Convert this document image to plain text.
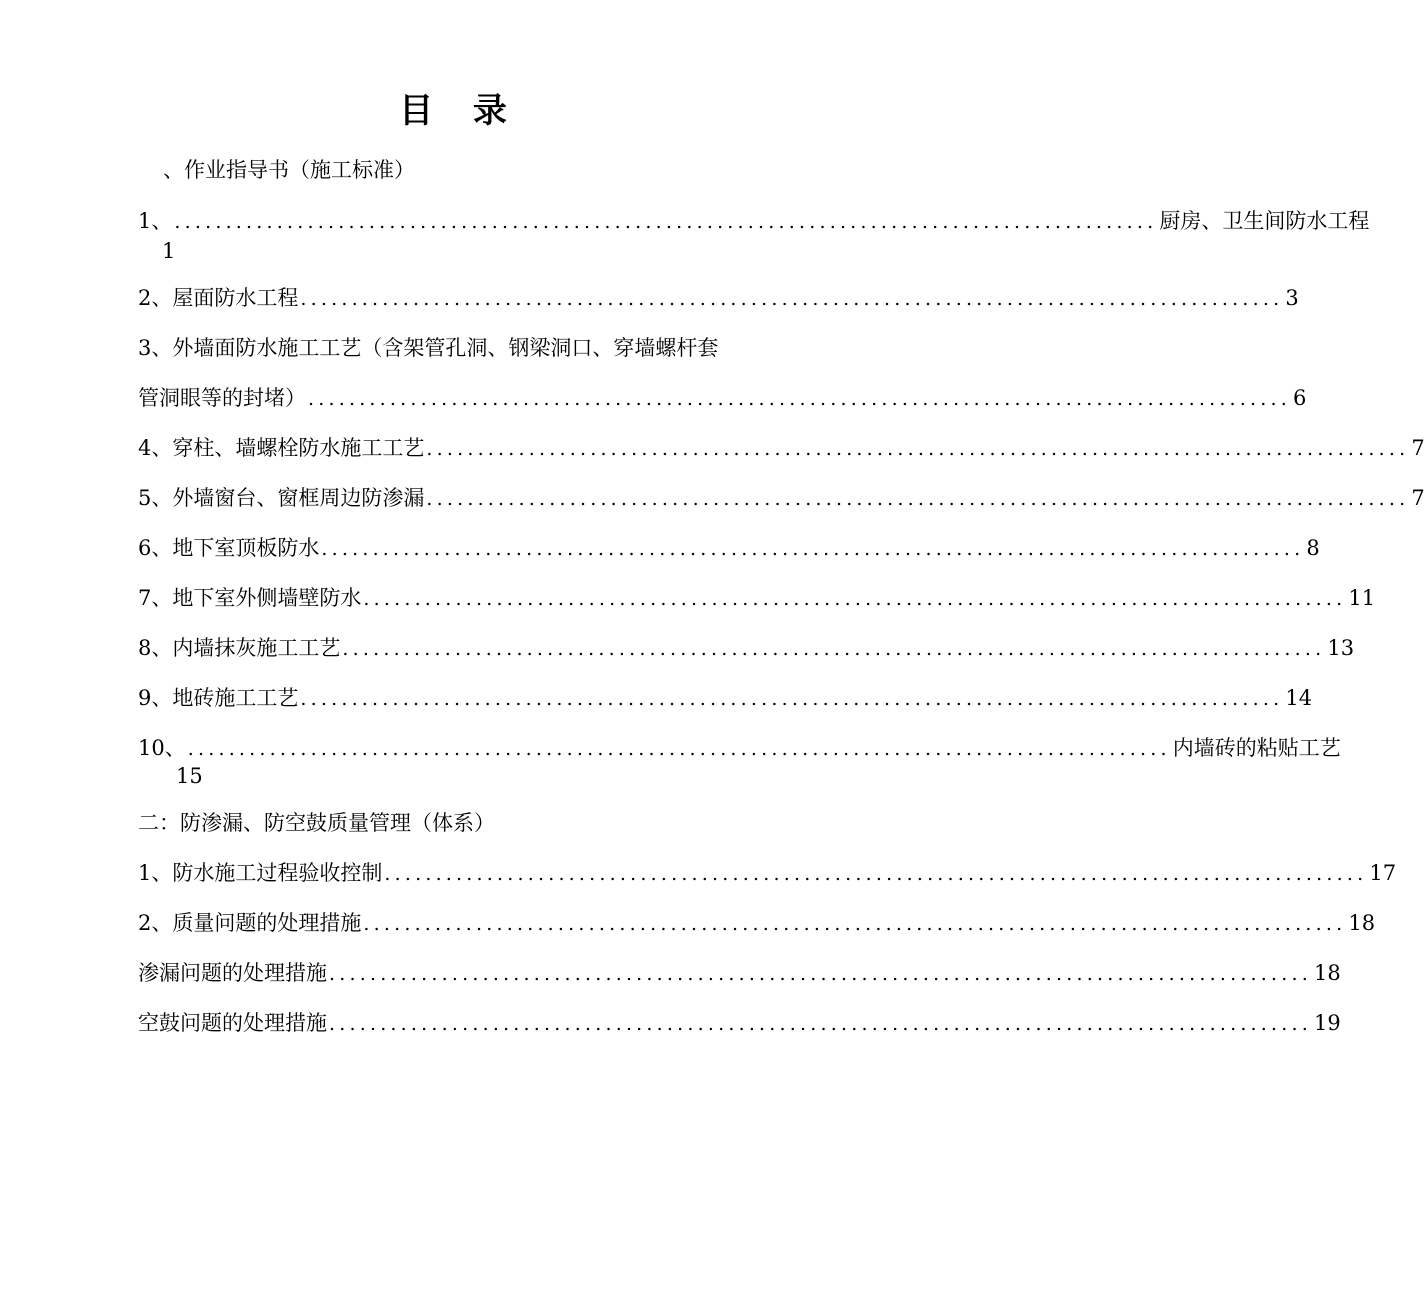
目 录
、作业指导书（施工标准）
1、 ................................................................................................ 厨房、卫生间防水工程
1
2、屋面防水工程 ................................................................................................ 3
3、外墙面防水施工工艺（含架管孔洞、钢梁洞口、穿墙螺杆套
管洞眼等的封堵） ................................................................................................ 6
4、穿柱、墙螺栓防水施工工艺 ................................................................................................ 7
5、外墙窗台、窗框周边防渗漏 ................................................................................................ 7
6、地下室顶板防水 ................................................................................................ 8
7、地下室外侧墙壁防水 ................................................................................................ 11
8、内墙抹灰施工工艺 ................................................................................................ 13
9、地砖施工工艺 ................................................................................................ 14
10、 ................................................................................................ 内墙砖的粘贴工艺
15
二：防渗漏、防空鼓质量管理（体系）
1、防水施工过程验收控制 ................................................................................................ 17
2、质量问题的处理措施 ................................................................................................ 18
渗漏问题的处理措施 ................................................................................................ 18
空鼓问题的处理措施 ................................................................................................ 19
